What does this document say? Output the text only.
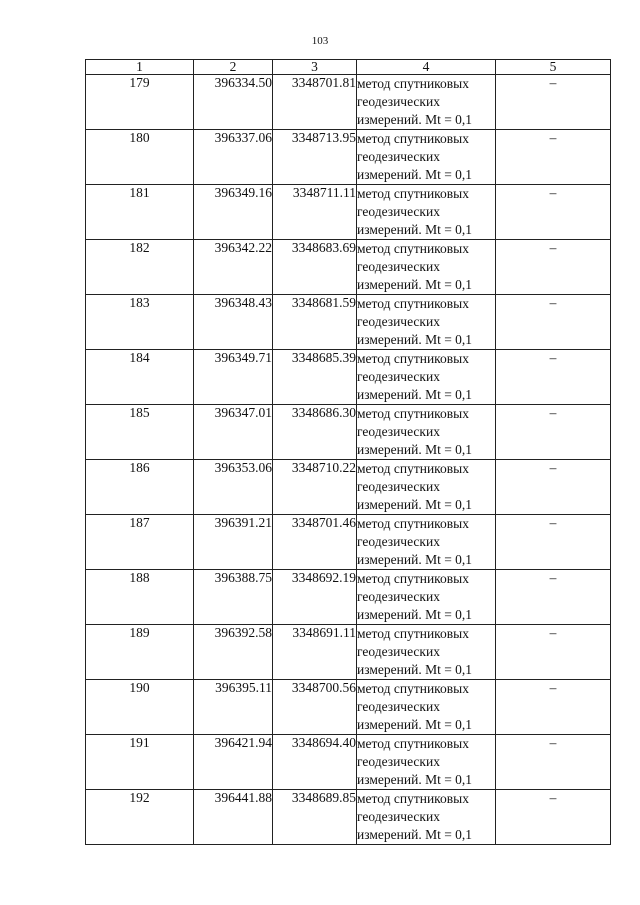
103
1	2	3	4	5
179	396334.50	3348701.81	метод спутниковых
геодезических
измерений. Mt = 0,1	–
180	396337.06	3348713.95	метод спутниковых
геодезических
измерений. Mt = 0,1	–
181	396349.16	3348711.11	метод спутниковых
геодезических
измерений. Mt = 0,1	–
182	396342.22	3348683.69	метод спутниковых
геодезических
измерений. Mt = 0,1	–
183	396348.43	3348681.59	метод спутниковых
геодезических
измерений. Mt = 0,1	–
184	396349.71	3348685.39	метод спутниковых
геодезических
измерений. Mt = 0,1	–
185	396347.01	3348686.30	метод спутниковых
геодезических
измерений. Mt = 0,1	–
186	396353.06	3348710.22	метод спутниковых
геодезических
измерений. Mt = 0,1	–
187	396391.21	3348701.46	метод спутниковых
геодезических
измерений. Mt = 0,1	–
188	396388.75	3348692.19	метод спутниковых
геодезических
измерений. Mt = 0,1	–
189	396392.58	3348691.11	метод спутниковых
геодезических
измерений. Mt = 0,1	–
190	396395.11	3348700.56	метод спутниковых
геодезических
измерений. Mt = 0,1	–
191	396421.94	3348694.40	метод спутниковых
геодезических
измерений. Mt = 0,1	–
192	396441.88	3348689.85	метод спутниковых
геодезических
измерений. Mt = 0,1	–
